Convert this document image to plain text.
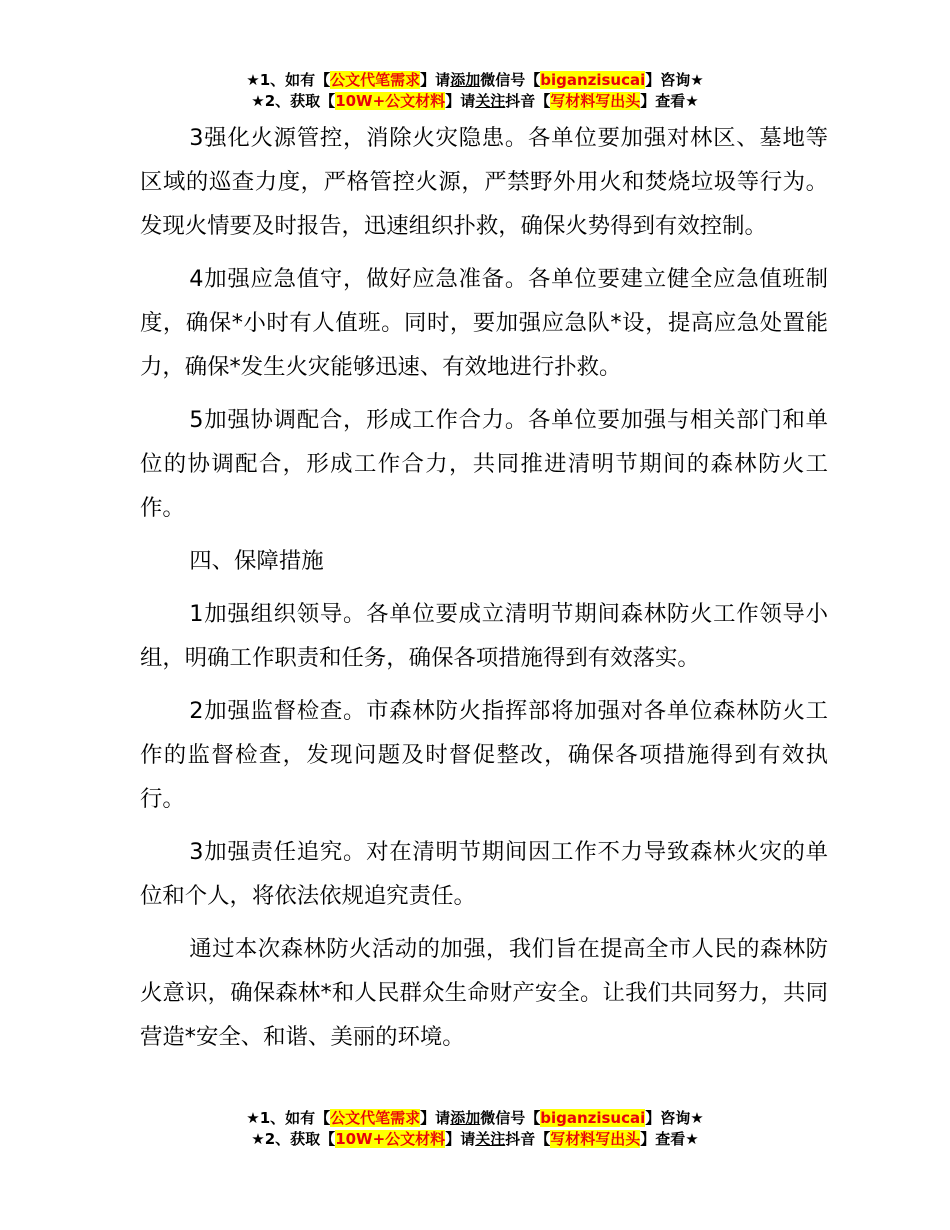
★1、如有【公文代笔需求】请添加微信号【biganzisucai】咨询★
★2、获取【10W+公文材料】请关注抖音【写材料写出头】查看★

3强化火源管控，消除火灾隐患。各单位要加强对林区、墓地等区域的巡查力度，严格管控火源，严禁野外用火和焚烧垃圾等行为。发现火情要及时报告，迅速组织扑救，确保火势得到有效控制。

4加强应急值守，做好应急准备。各单位要建立健全应急值班制度，确保*小时有人值班。同时，要加强应急队*设，提高应急处置能力，确保*发生火灾能够迅速、有效地进行扑救。

5加强协调配合，形成工作合力。各单位要加强与相关部门和单位的协调配合，形成工作合力，共同推进清明节期间的森林防火工作。

四、保障措施

1加强组织领导。各单位要成立清明节期间森林防火工作领导小组，明确工作职责和任务，确保各项措施得到有效落实。

2加强监督检查。市森林防火指挥部将加强对各单位森林防火工作的监督检查，发现问题及时督促整改，确保各项措施得到有效执行。

3加强责任追究。对在清明节期间因工作不力导致森林火灾的单位和个人，将依法依规追究责任。

通过本次森林防火活动的加强，我们旨在提高全市人民的森林防火意识，确保森林*和人民群众生命财产安全。让我们共同努力，共同营造*安全、和谐、美丽的环境。

★1、如有【公文代笔需求】请添加微信号【biganzisucai】咨询★
★2、获取【10W+公文材料】请关注抖音【写材料写出头】查看★
